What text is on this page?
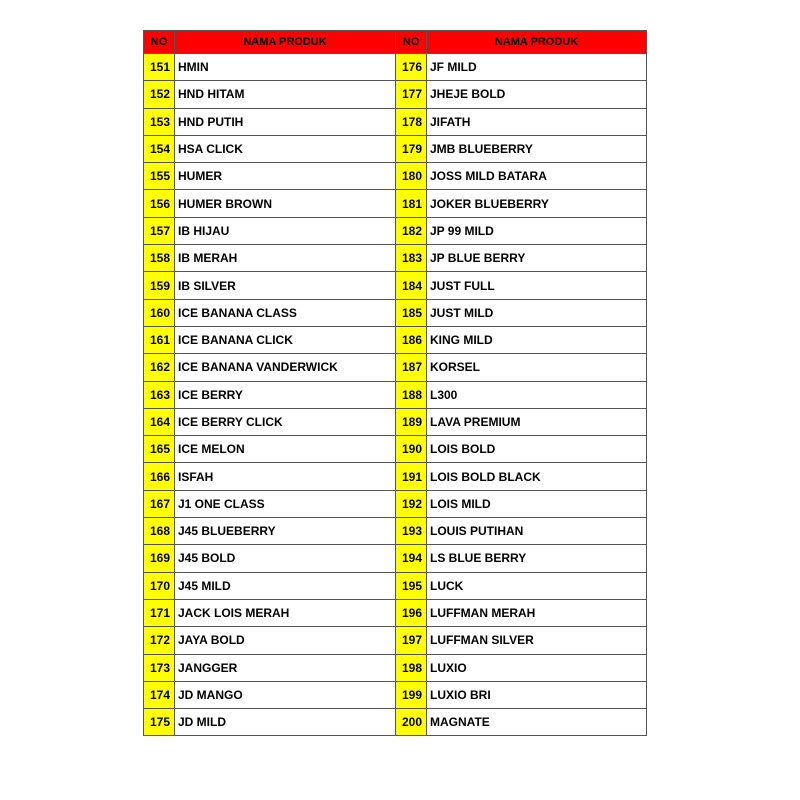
NO	NAMA PRODUK	NO	NAMA PRODUK
151	HMIN	176	JF MILD
152	HND HITAM	177	JHEJE BOLD
153	HND PUTIH	178	JIFATH
154	HSA CLICK	179	JMB BLUEBERRY
155	HUMER	180	JOSS MILD BATARA
156	HUMER BROWN	181	JOKER BLUEBERRY
157	IB HIJAU	182	JP 99 MILD
158	IB MERAH	183	JP BLUE BERRY
159	IB SILVER	184	JUST FULL
160	ICE BANANA CLASS	185	JUST MILD
161	ICE BANANA CLICK	186	KING MILD
162	ICE BANANA VANDERWICK	187	KORSEL
163	ICE BERRY	188	L300
164	ICE BERRY CLICK	189	LAVA PREMIUM
165	ICE MELON	190	LOIS BOLD
166	ISFAH	191	LOIS BOLD BLACK
167	J1 ONE CLASS	192	LOIS MILD
168	J45 BLUEBERRY	193	LOUIS PUTIHAN
169	J45 BOLD	194	LS BLUE BERRY
170	J45 MILD	195	LUCK
171	JACK LOIS MERAH	196	LUFFMAN MERAH
172	JAYA BOLD	197	LUFFMAN SILVER
173	JANGGER	198	LUXIO
174	JD MANGO	199	LUXIO BRI
175	JD MILD	200	MAGNATE
